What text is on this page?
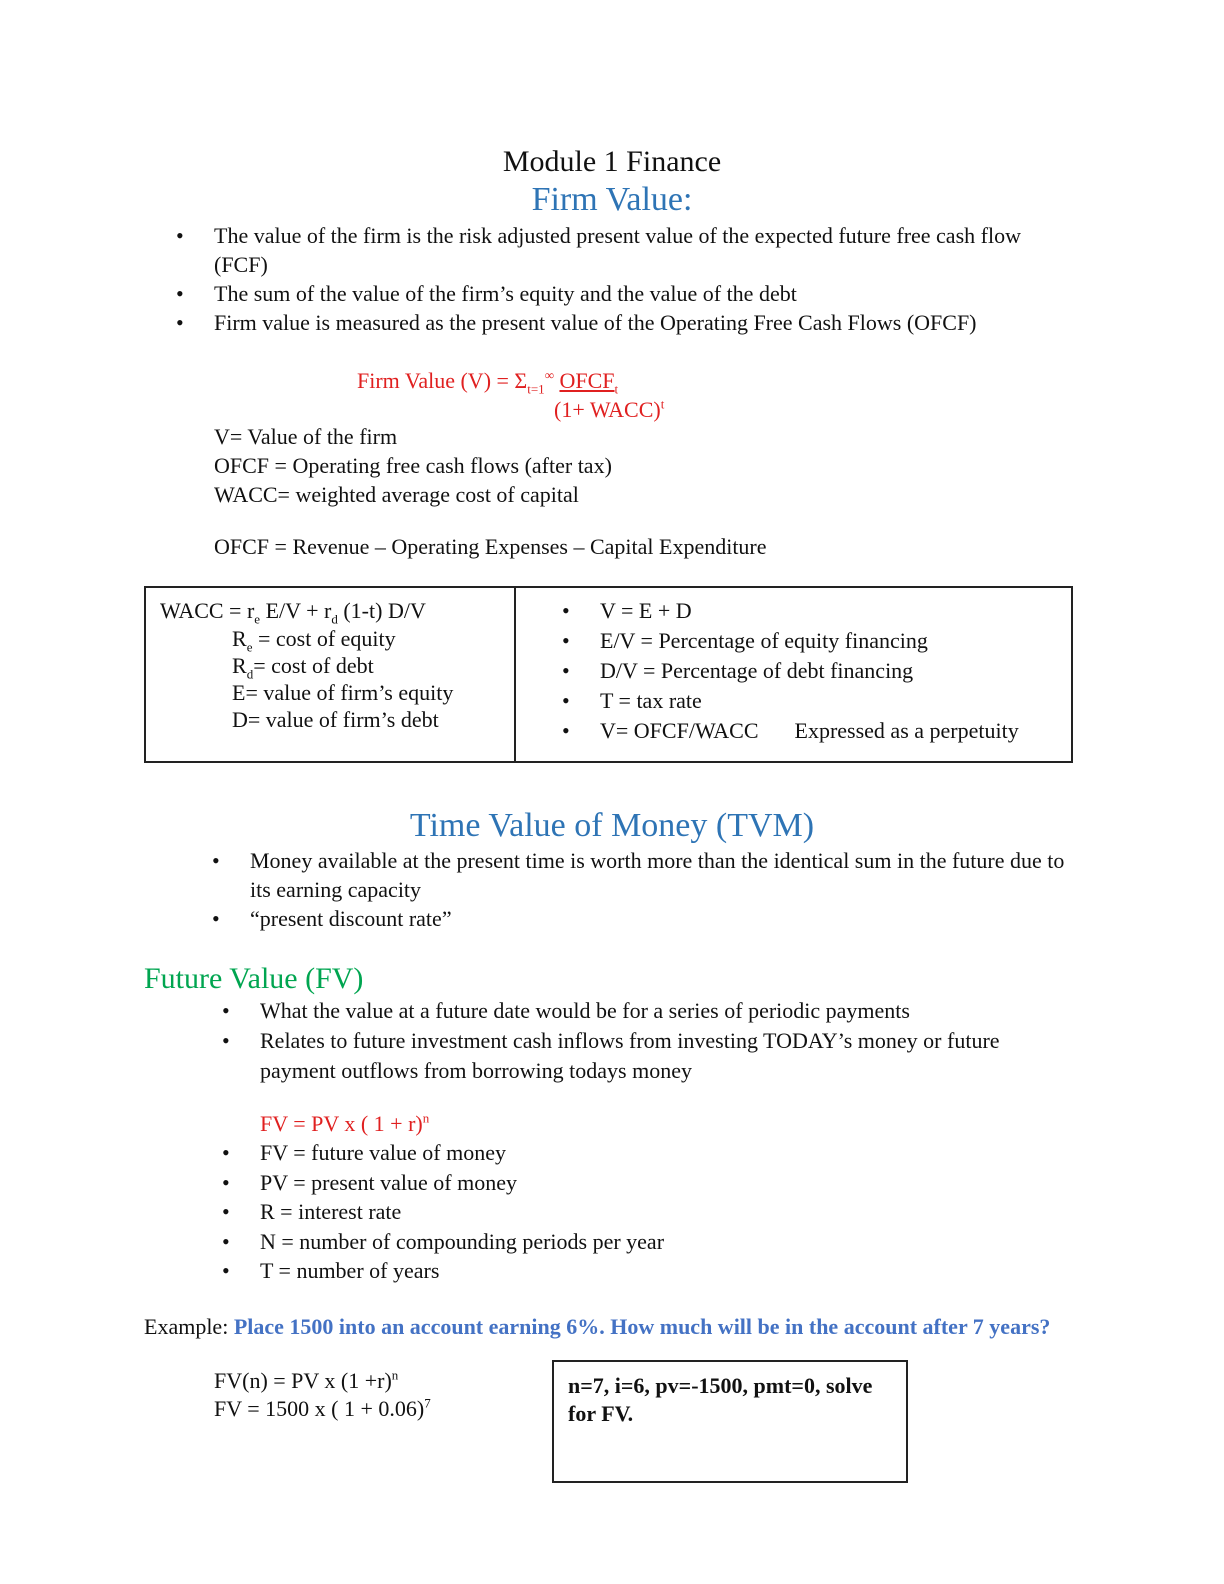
Module 1 Finance
Firm Value:
• The value of the firm is the risk adjusted present value of the expected future free cash flow (FCF)
• The sum of the value of the firm’s equity and the value of the debt
• Firm value is measured as the present value of the Operating Free Cash Flows (OFCF)
Firm Value $(V) = \Sigma_{t=1}^\infty$ $OFCF_t$
(1+ WACC)$^t$
V= Value of the firm
OFCF = Operating free cash flows (after tax)
WACC= weighted average cost of capital
OFCF = Revenue – Operating Expenses – Capital Expenditure
WACC = $r_e$ $E/V + r_d$ (1-t) D/V
$R_e = \cos t$ of equity
$R_d= \cos t$ of debt
E= value of firm’s equity
D= value of firm’s debt
• V = E + D
• E/V = Percentage of equity financing
• D/V = Percentage of debt financing
• T = tax rate
• V= OFCF/WACC Expressed as a perpetuity
Time Value of Money (TVM)
• Money available at the present time is worth more than the identical sum in the future due to its earning capacity
• “present discount rate”
Future Value (FV)
• What the value at a future date would be for a series of periodic payments
• Relates to future investment cash inflows from investing TODAY’s money or future payment outflows from borrowing todays money
FV = PV x ( 1 + r)$^n$
• FV = future value of money
• PV = present value of money
• R = interest rate
• N = number of compounding periods per year
• T = number of years
Example: Place 1500 into an account earning 6%. How much will be in the account after 7 years?
FV(n) = PV x $(1 +r)^n$
FV = 1500 x ( 1 + 0.06)$^7$
n=7, i=6, pv=-1500, pmt=0, solve for FV.
